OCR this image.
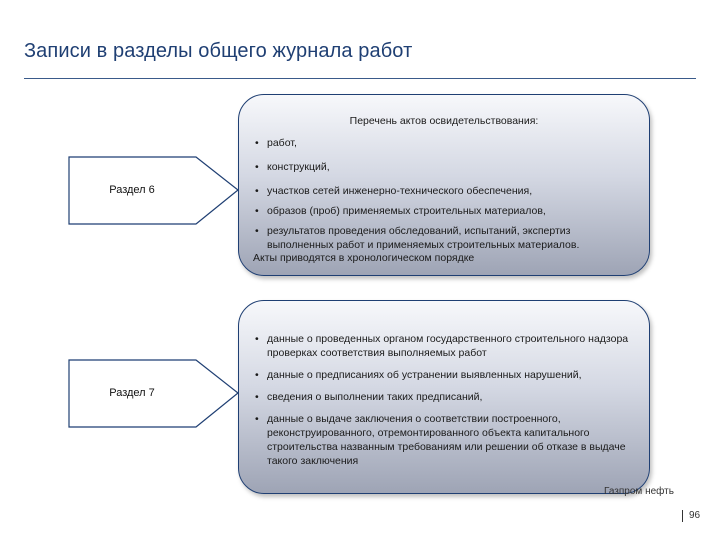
Записи в разделы общего журнала работ
Раздел 6
Перечень актов освидетельствования:
• работ,
• конструкций,
• участков сетей инженерно-технического обеспечения,
• образов (проб) применяемых строительных материалов,
• результатов проведения обследований, испытаний, экспертиз выполненных работ и применяемых строительных материалов.
Акты приводятся в хронологическом порядке
Раздел 7
• данные о проведенных органом государственного строительного надзора проверках соответствия выполняемых работ
• данные о предписаниях об устранении выявленных нарушений,
• сведения о выполнении таких предписаний,
• данные о выдаче заключения о соответствии построенного, реконструированного, отремонтированного объекта капитального строительства названным требованиям или решении об отказе в выдаче такого заключения
Газпром нефть
96
